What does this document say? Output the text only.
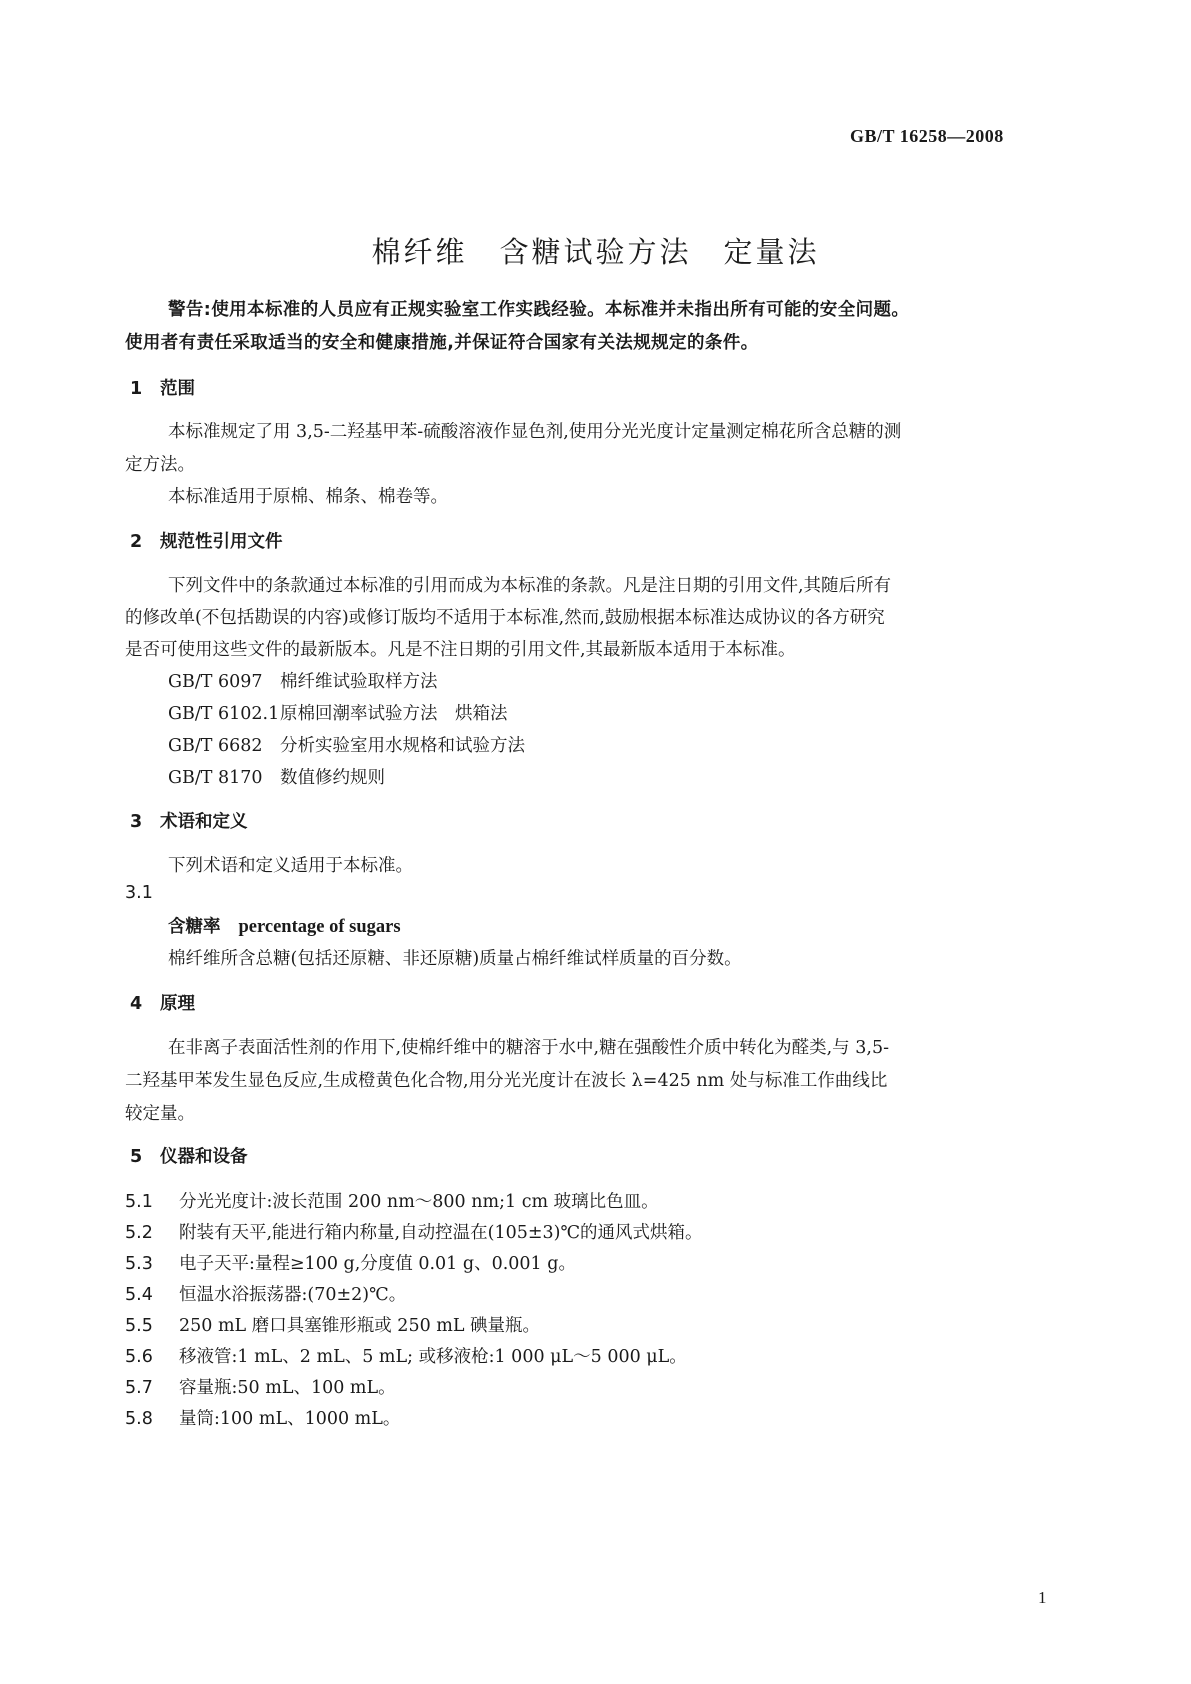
GB/T 16258—2008
棉纤维　含糖试验方法　定量法
警告:使用本标准的人员应有正规实验室工作实践经验。本标准并未指出所有可能的安全问题。
使用者有责任采取适当的安全和健康措施,并保证符合国家有关法规规定的条件。
1 范围
本标准规定了用 3,5-二羟基甲苯-硫酸溶液作显色剂,使用分光光度计定量测定棉花所含总糖的测
定方法。
本标准适用于原棉、棉条、棉卷等。
2 规范性引用文件
下列文件中的条款通过本标准的引用而成为本标准的条款。凡是注日期的引用文件,其随后所有
的修改单(不包括勘误的内容)或修订版均不适用于本标准,然而,鼓励根据本标准达成协议的各方研究
是否可使用这些文件的最新版本。凡是不注日期的引用文件,其最新版本适用于本标准。
GB/T 6097 棉纤维试验取样方法
GB/T 6102.1原棉回潮率试验方法　烘箱法
GB/T 6682 分析实验室用水规格和试验方法
GB/T 8170 数值修约规则
3 术语和定义
下列术语和定义适用于本标准。
3.1
含糖率 percentage of sugars
棉纤维所含总糖(包括还原糖、非还原糖)质量占棉纤维试样质量的百分数。
4 原理
在非离子表面活性剂的作用下,使棉纤维中的糖溶于水中,糖在强酸性介质中转化为醛类,与 3,5-
二羟基甲苯发生显色反应,生成橙黄色化合物,用分光光度计在波长 λ=425 nm 处与标准工作曲线比
较定量。
5 仪器和设备
5.1 分光光度计:波长范围 200 nm～800 nm;1 cm 玻璃比色皿。
5.2 附装有天平,能进行箱内称量,自动控温在(105±3)℃的通风式烘箱。
5.3 电子天平:量程≥100 g,分度值 0.01 g、0.001 g。
5.4 恒温水浴振荡器:(70±2)℃。
5.5 250 mL 磨口具塞锥形瓶或 250 mL 碘量瓶。
5.6 移液管:1 mL、2 mL、5 mL; 或移液枪:1 000 μL～5 000 μL。
5.7 容量瓶:50 mL、100 mL。
5.8 量筒:100 mL、1000 mL。
1
